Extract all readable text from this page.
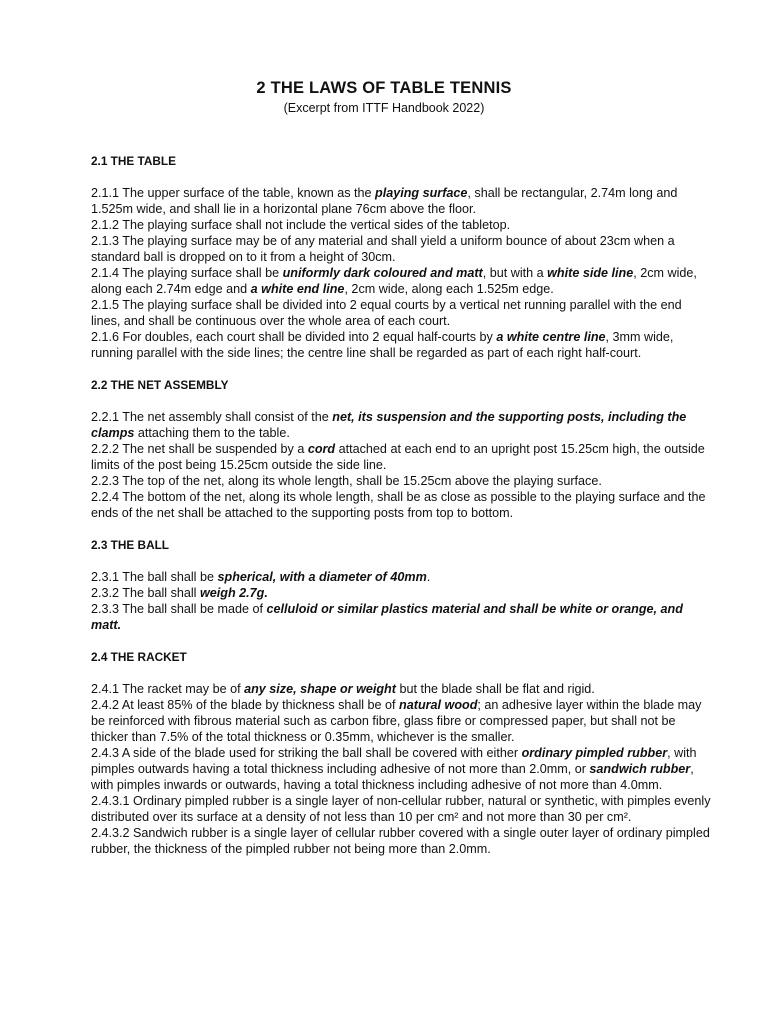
2 THE LAWS OF TABLE TENNIS
(Excerpt from ITTF Handbook 2022)
2.1 THE TABLE

2.1.1 The upper surface of the table, known as the playing surface, shall be rectangular, 2.74m long and 1.525m wide, and shall lie in a horizontal plane 76cm above the floor.

2.1.2 The playing surface shall not include the vertical sides of the tabletop.

2.1.3 The playing surface may be of any material and shall yield a uniform bounce of about 23cm when a standard ball is dropped on to it from a height of 30cm.

2.1.4 The playing surface shall be uniformly dark coloured and matt, but with a white side line, 2cm wide, along each 2.74m edge and a white end line, 2cm wide, along each 1.525m edge.

2.1.5 The playing surface shall be divided into 2 equal courts by a vertical net running parallel with the end lines, and shall be continuous over the whole area of each court.

2.1.6 For doubles, each court shall be divided into 2 equal half-courts by a white centre line, 3mm wide, running parallel with the side lines; the centre line shall be regarded as part of each right half-court.

2.2 THE NET ASSEMBLY

2.2.1 The net assembly shall consist of the net, its suspension and the supporting posts, including the clamps attaching them to the table.

2.2.2 The net shall be suspended by a cord attached at each end to an upright post 15.25cm high, the outside limits of the post being 15.25cm outside the side line.

2.2.3 The top of the net, along its whole length, shall be 15.25cm above the playing surface.

2.2.4 The bottom of the net, along its whole length, shall be as close as possible to the playing surface and the ends of the net shall be attached to the supporting posts from top to bottom.

2.3 THE BALL

2.3.1 The ball shall be spherical, with a diameter of 40mm.

2.3.2 The ball shall weigh 2.7g.

2.3.3 The ball shall be made of celluloid or similar plastics material and shall be white or orange, and matt.

2.4 THE RACKET

2.4.1 The racket may be of any size, shape or weight but the blade shall be flat and rigid.

2.4.2 At least 85% of the blade by thickness shall be of natural wood; an adhesive layer within the blade may be reinforced with fibrous material such as carbon fibre, glass fibre or compressed paper, but shall not be thicker than 7.5% of the total thickness or 0.35mm, whichever is the smaller.

2.4.3 A side of the blade used for striking the ball shall be covered with either ordinary pimpled rubber, with pimples outwards having a total thickness including adhesive of not more than 2.0mm, or sandwich rubber, with pimples inwards or outwards, having a total thickness including adhesive of not more than 4.0mm.

2.4.3.1 Ordinary pimpled rubber is a single layer of non-cellular rubber, natural or synthetic, with pimples evenly distributed over its surface at a density of not less than 10 per cm² and not more than 30 per cm².

2.4.3.2 Sandwich rubber is a single layer of cellular rubber covered with a single outer layer of ordinary pimpled rubber, the thickness of the pimpled rubber not being more than 2.0mm.
